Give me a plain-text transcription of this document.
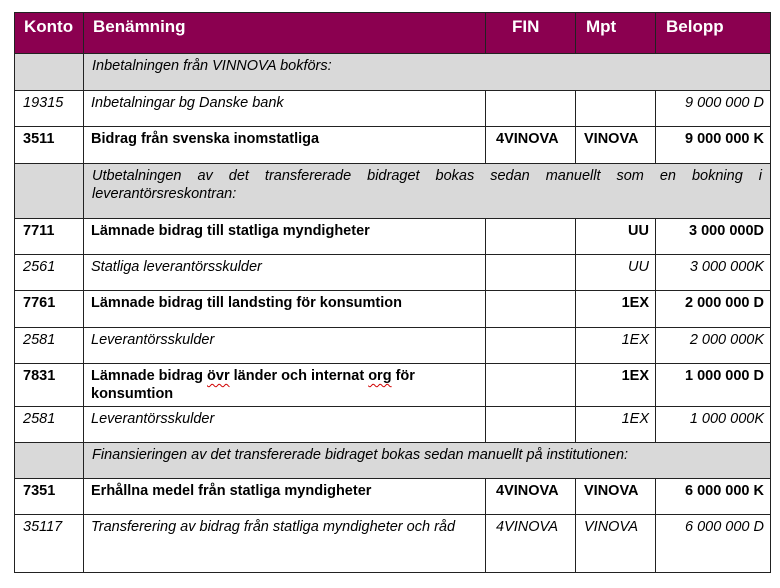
Konto	Benämning	FIN	Mpt	Belopp
	Inbetalningen från VINNOVA bokförs:			
19315	Inbetalningar bg Danske bank			9 000 000 D
3511	Bidrag från svenska inomstatliga	4VINOVA	VINOVA	9 000 000 K

	Utbetalningen av det transfererade bidraget bokas sedan manuellt som en bokning i
leverantörsreskontran:			

7711	Lämnade bidrag till statliga myndigheter		UU	3 000 000D
2561	Statliga leverantörsskulder		UU	3 000 000K
7761	Lämnade bidrag till landsting för konsumtion		1EX	2 000 000 D
2581	Leverantörsskulder		1EX	2 000 000K
7831	Lämnade bidrag övr länder och internat org för konsumtion		1EX	1 000 000 D
2581	Leverantörsskulder		1EX	1 000 000K
	Finansieringen av det transfererade bidraget bokas sedan manuellt på institutionen:			
7351	Erhållna medel från statliga myndigheter	4VINOVA	VINOVA	6 000 000 K
35117	Transferering av bidrag från statliga myndigheter och råd	4VINOVA	VINOVA	6 000 000 D
